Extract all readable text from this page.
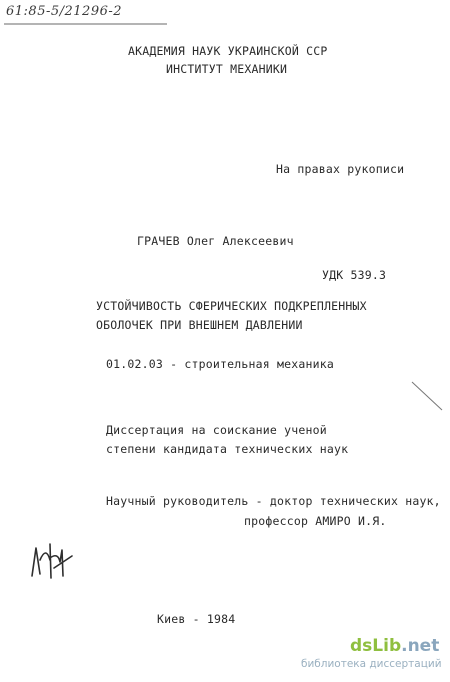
61:85-5/21296-2
АКАДЕМИЯ НАУК УКРАИНСКОЙ ССР
ИНСТИТУТ МЕХАНИКИ
На правах рукописи
ГРАЧЕВ Олег Алексеевич
УДК 539.3
УСТОЙЧИВОСТЬ СФЕРИЧЕСКИХ ПОДКРЕПЛЕННЫХ
ОБОЛОЧЕК ПРИ ВНЕШНЕМ ДАВЛЕНИИ
01.02.03 - строительная механика
Диссертация на соискание ученой
степени кандидата технических наук
Научный руководитель - доктор технических наук,
профессор АМИРО И.Я.
Киев - 1984
dsLib.net
библиотека диссертаций
